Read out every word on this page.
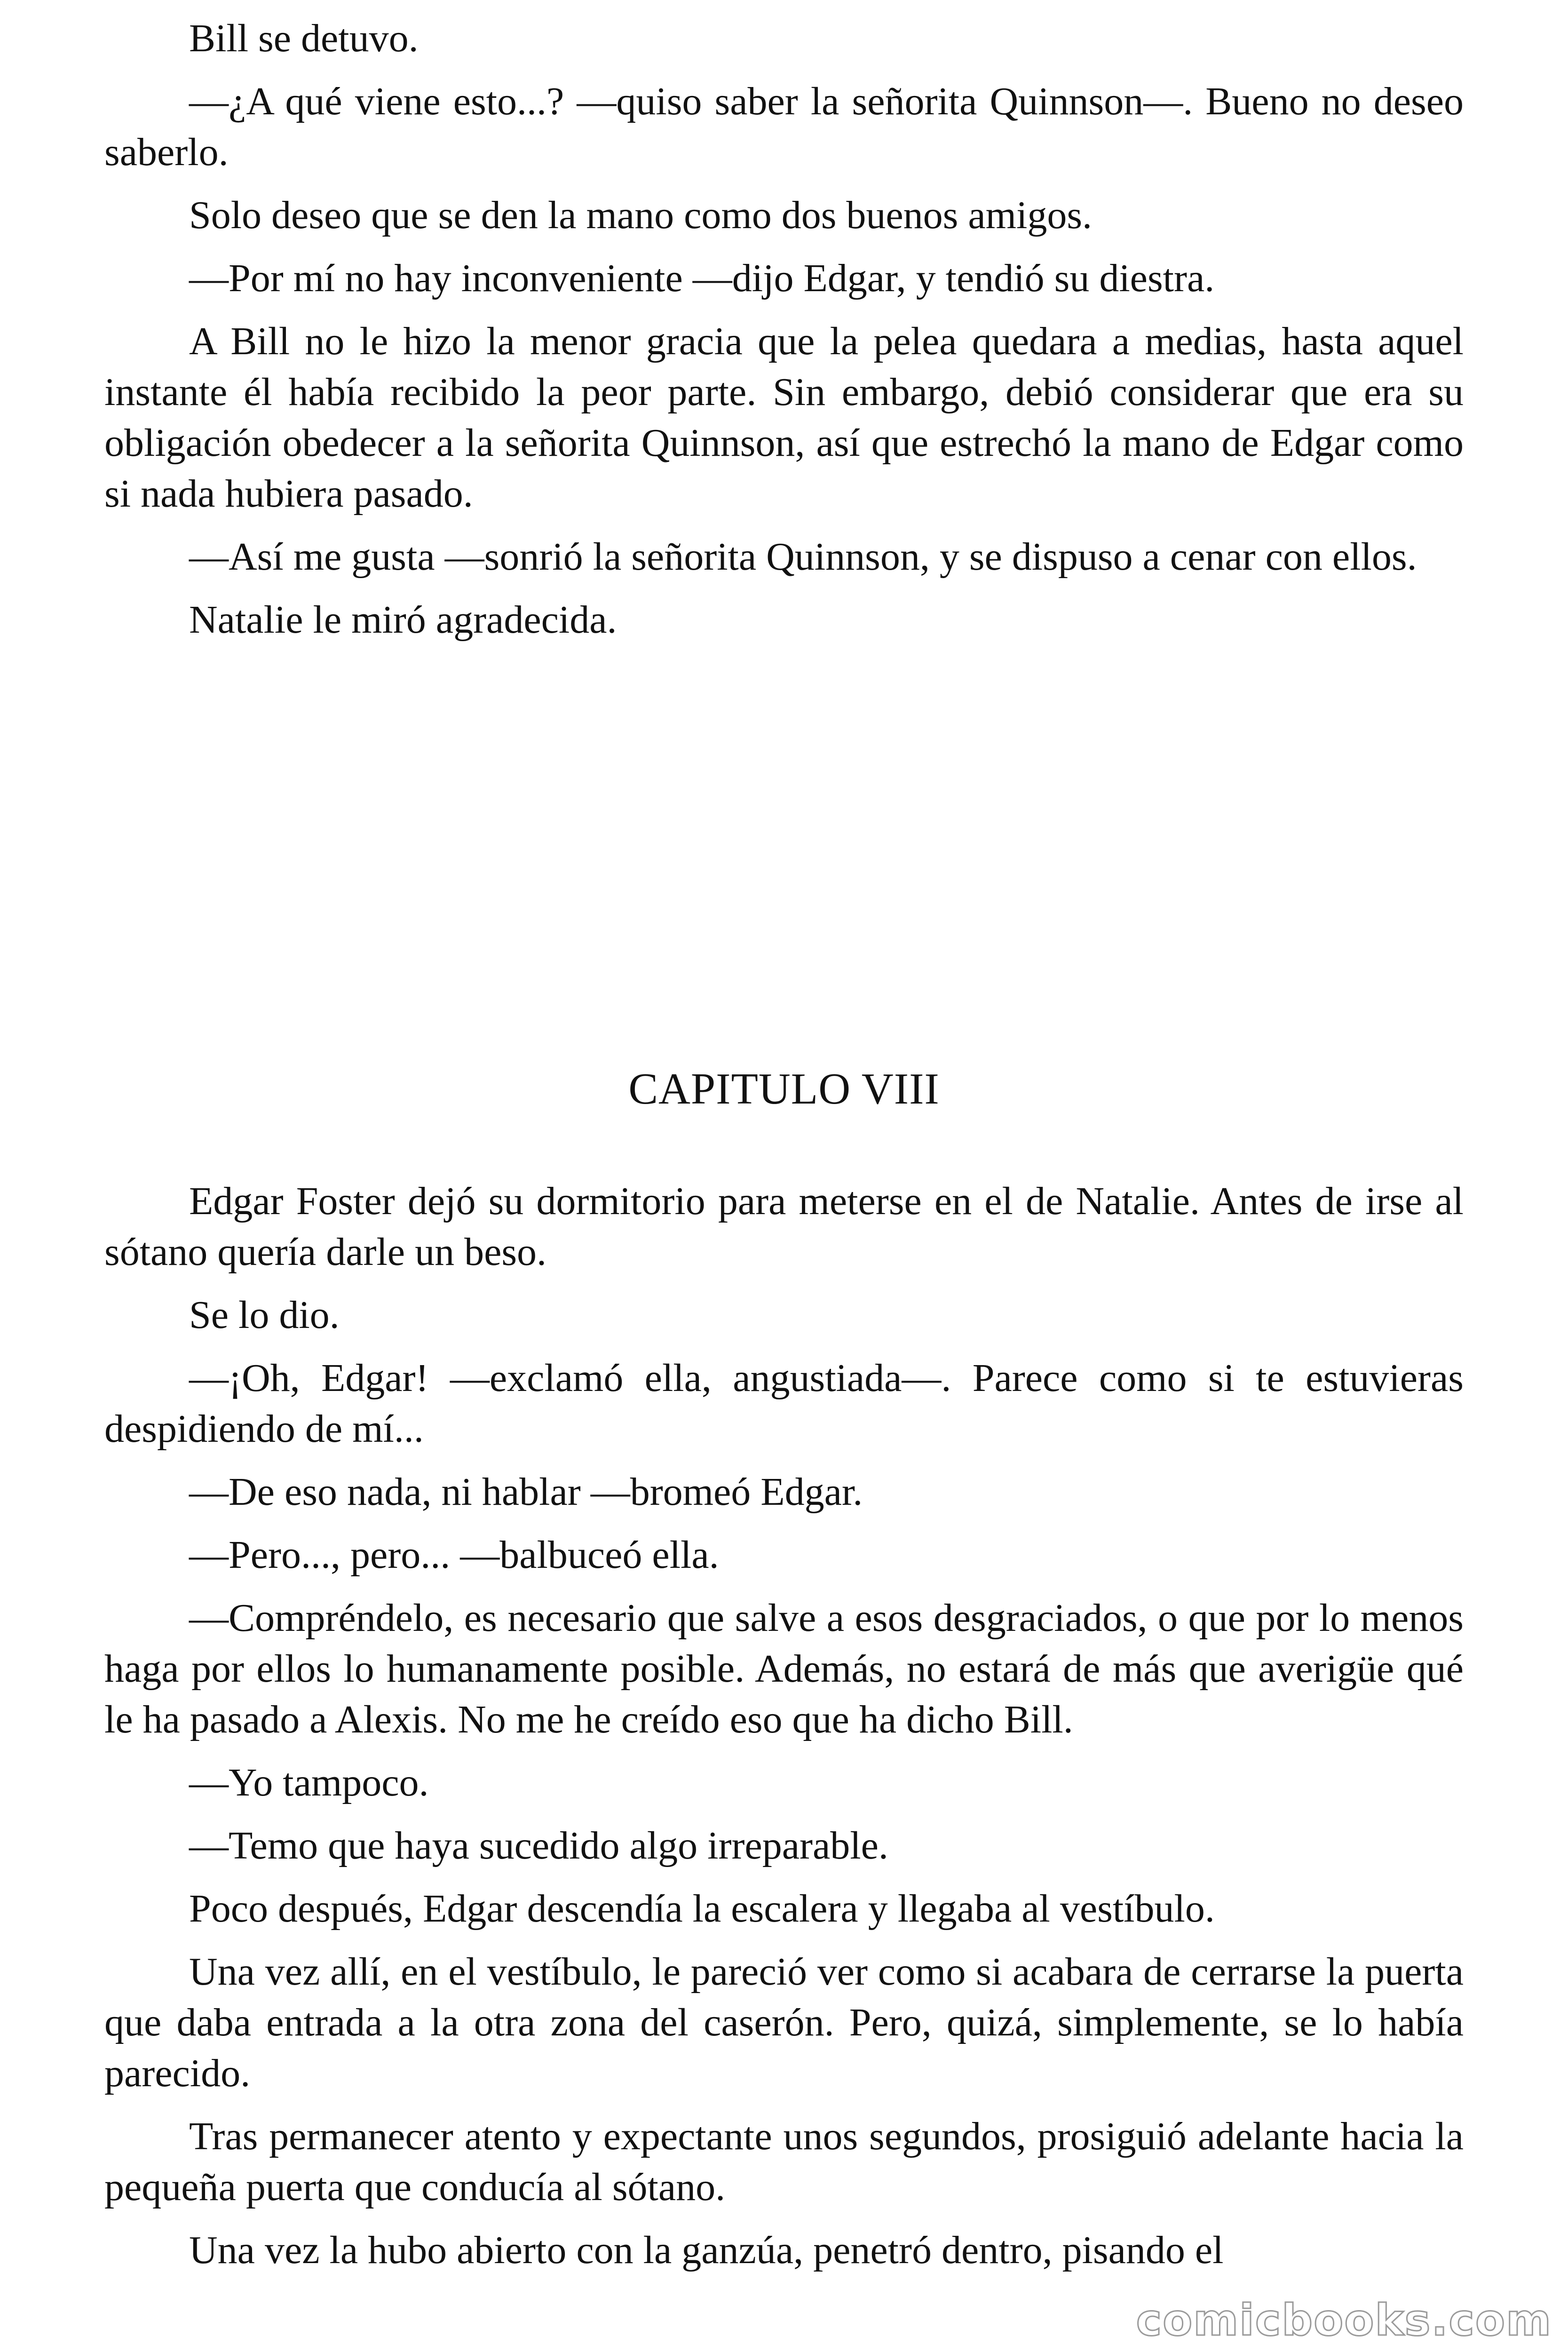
Bill se detuvo.

—¿A qué viene esto...? —quiso saber la señorita Quinnson—. Bueno no deseo saberlo.

Solo deseo que se den la mano como dos buenos amigos.

—Por mí no hay inconveniente —dijo Edgar, y tendió su diestra.

A Bill no le hizo la menor gracia que la pelea quedara a medias, hasta aquel instante él había recibido la peor parte. Sin embargo, debió considerar que era su obligación obedecer a la señorita Quinnson, así que estrechó la mano de Edgar como si nada hubiera pasado.

—Así me gusta —sonrió la señorita Quinnson, y se dispuso a cenar con ellos.

Natalie le miró agradecida.

CAPITULO VIII

Edgar Foster dejó su dormitorio para meterse en el de Natalie. Antes de irse al sótano quería darle un beso.

Se lo dio.

—¡Oh, Edgar! —exclamó ella, angustiada—. Parece como si te estuvieras despidiendo de mí...

—De eso nada, ni hablar —bromeó Edgar.

—Pero..., pero... —balbuceó ella.

—Compréndelo, es necesario que salve a esos desgraciados, o que por lo menos haga por ellos lo humanamente posible. Además, no estará de más que averigüe qué le ha pasado a Alexis. No me he creído eso que ha dicho Bill.

—Yo tampoco.

—Temo que haya sucedido algo irreparable.

Poco después, Edgar descendía la escalera y llegaba al vestíbulo.

Una vez allí, en el vestíbulo, le pareció ver como si acabara de cerrarse la puerta que daba entrada a la otra zona del caserón. Pero, quizá, simplemente, se lo había parecido.

Tras permanecer atento y expectante unos segundos, prosiguió adelante hacia la pequeña puerta que conducía al sótano.

Una vez la hubo abierto con la ganzúa, penetró dentro, pisando el

comicbooks.com
